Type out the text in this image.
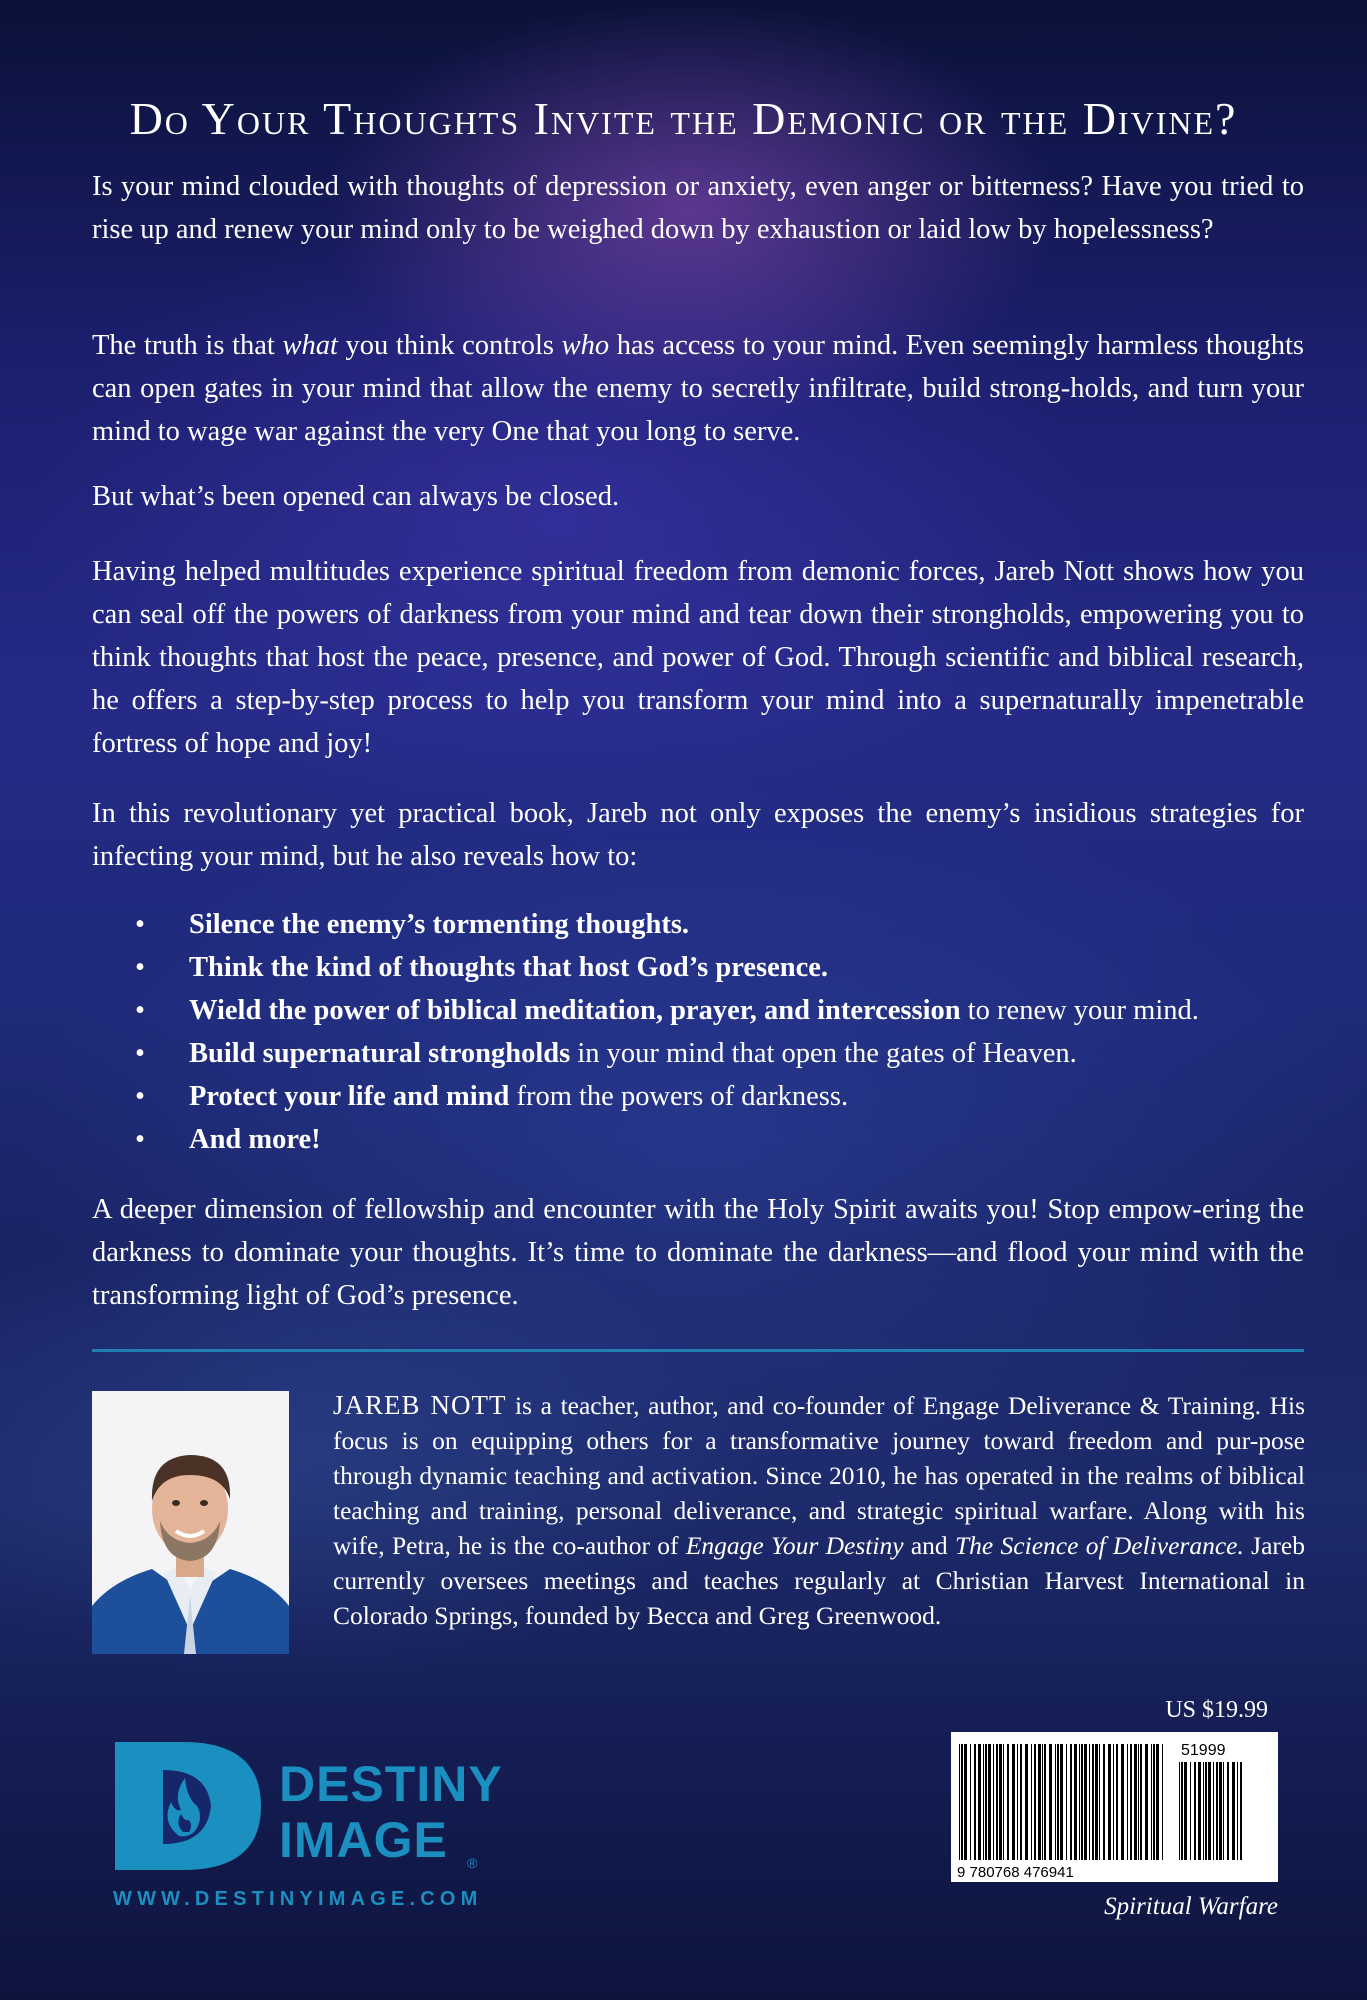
Do Your Thoughts Invite the Demonic or the Divine?

Is your mind clouded with thoughts of depression or anxiety, even anger or bitterness? Have you tried to rise up and renew your mind only to be weighed down by exhaustion or laid low by hopelessness?

The truth is that what you think controls who has access to your mind. Even seemingly harmless thoughts can open gates in your mind that allow the enemy to secretly infiltrate, build strong-holds, and turn your mind to wage war against the very One that you long to serve.

But what’s been opened can always be closed.

Having helped multitudes experience spiritual freedom from demonic forces, Jareb Nott shows how you can seal off the powers of darkness from your mind and tear down their strongholds, empowering you to think thoughts that host the peace, presence, and power of God. Through scientific and biblical research, he offers a step-by-step process to help you transform your mind into a supernaturally impenetrable fortress of hope and joy!

In this revolutionary yet practical book, Jareb not only exposes the enemy’s insidious strategies for infecting your mind, but he also reveals how to:

• Silence the enemy’s tormenting thoughts.
• Think the kind of thoughts that host God’s presence.
• Wield the power of biblical meditation, prayer, and intercession to renew your mind.
• Build supernatural strongholds in your mind that open the gates of Heaven.
• Protect your life and mind from the powers of darkness.
• And more!

A deeper dimension of fellowship and encounter with the Holy Spirit awaits you! Stop empow-ering the darkness to dominate your thoughts. It’s time to dominate the darkness—and flood your mind with the transforming light of God’s presence.

JAREB NOTT is a teacher, author, and co-founder of Engage Deliverance & Training. His focus is on equipping others for a transformative journey toward freedom and pur-pose through dynamic teaching and activation. Since 2010, he has operated in the realms of biblical teaching and training, personal deliverance, and strategic spiritual warfare. Along with his wife, Petra, he is the co-author of Engage Your Destiny and The Science of Deliverance. Jareb currently oversees meetings and teaches regularly at Christian Harvest International in Colorado Springs, founded by Becca and Greg Greenwood.
US $19.99
51999
9 780768 476941
Spiritual Warfare
DESTINY
IMAGE ®
WWW.DESTINYIMAGE.COM
